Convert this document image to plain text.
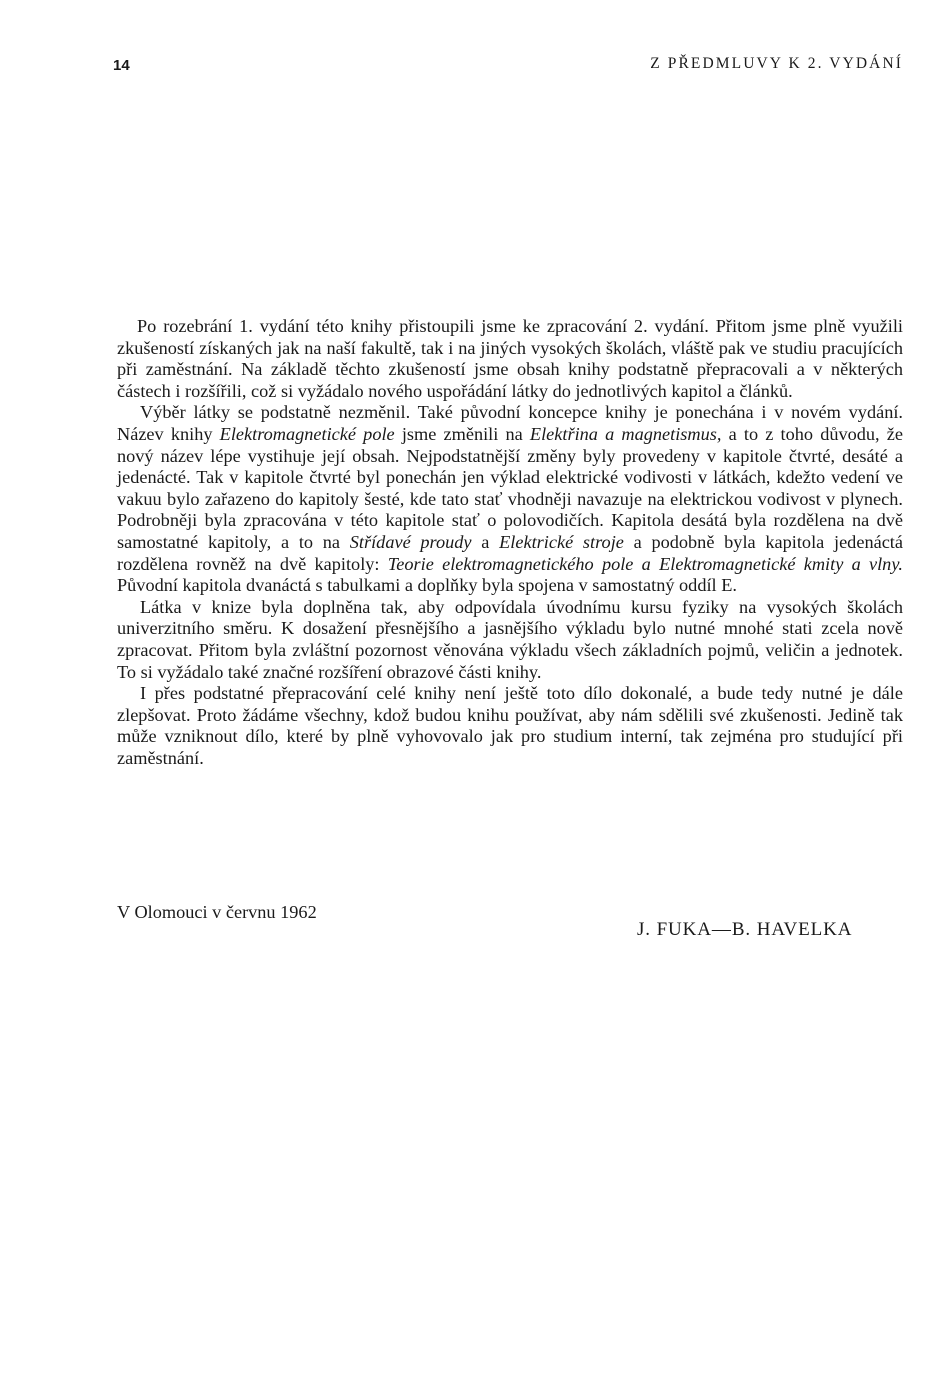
14	Z PŘEDMLUVY K 2. VYDÁNÍ

Po rozebrání 1. vydání této knihy přistoupili jsme ke zpracování 2. vydání. Přitom jsme plně využili zkušeností získaných jak na naší fakultě, tak i na jiných vysokých školách, vláště pak ve studiu pracujících při zaměstnání. Na základě těchto zkušeností jsme obsah knihy podstatně přepracovali a v některých částech i rozšířili, což si vyžádalo nového uspořádání látky do jednotlivých kapitol a článků.

Výběr látky se podstatně nezměnil. Také původní koncepce knihy je ponechána i v novém vydání. Název knihy Elektromagnetické pole jsme změnili na Elektřina a magnetismus, a to z toho důvodu, že nový název lépe vystihuje její obsah. Nejpodstatnější změny byly provedeny v kapitole čtvrté, desáté a jedenácté. Tak v kapitole čtvrté byl ponechán jen výklad elektrické vodivosti v látkách, kdežto vedení ve vakuu bylo zařazeno do kapitoly šesté, kde tato stať vhodněji navazuje na elektrickou vodivost v plynech. Podrobněji byla zpracována v této kapitole stať o polovodičích. Kapitola desátá byla rozdělena na dvě samostatné kapitoly, a to na Střídavé proudy a Elektrické stroje a podobně byla kapitola jedenáctá rozdělena rovněž na dvě kapitoly: Teorie elektromagnetického pole a Elektromagnetické kmity a vlny. Původní kapitola dvanáctá s tabulkami a doplňky byla spojena v samostatný oddíl E.

Látka v knize byla doplněna tak, aby odpovídala úvodnímu kursu fyziky na vysokých školách univerzitního směru. K dosažení přesnějšího a jasnějšího výkladu bylo nutné mnohé stati zcela nově zpracovat. Přitom byla zvláštní pozornost věnována výkladu všech základních pojmů, veličin a jednotek. To si vyžádalo také značné rozšíření obrazové části knihy.

I přes podstatné přepracování celé knihy není ještě toto dílo dokonalé, a bude tedy nutné je dále zlepšovat. Proto žádáme všechny, kdož budou knihu používat, aby nám sdělili své zkušenosti. Jedině tak může vzniknout dílo, které by plně vyhovovalo jak pro studium interní, tak zejména pro studující při zaměstnání.

V Olomouci v červnu 1962
J. FUKA—B. HAVELKA
